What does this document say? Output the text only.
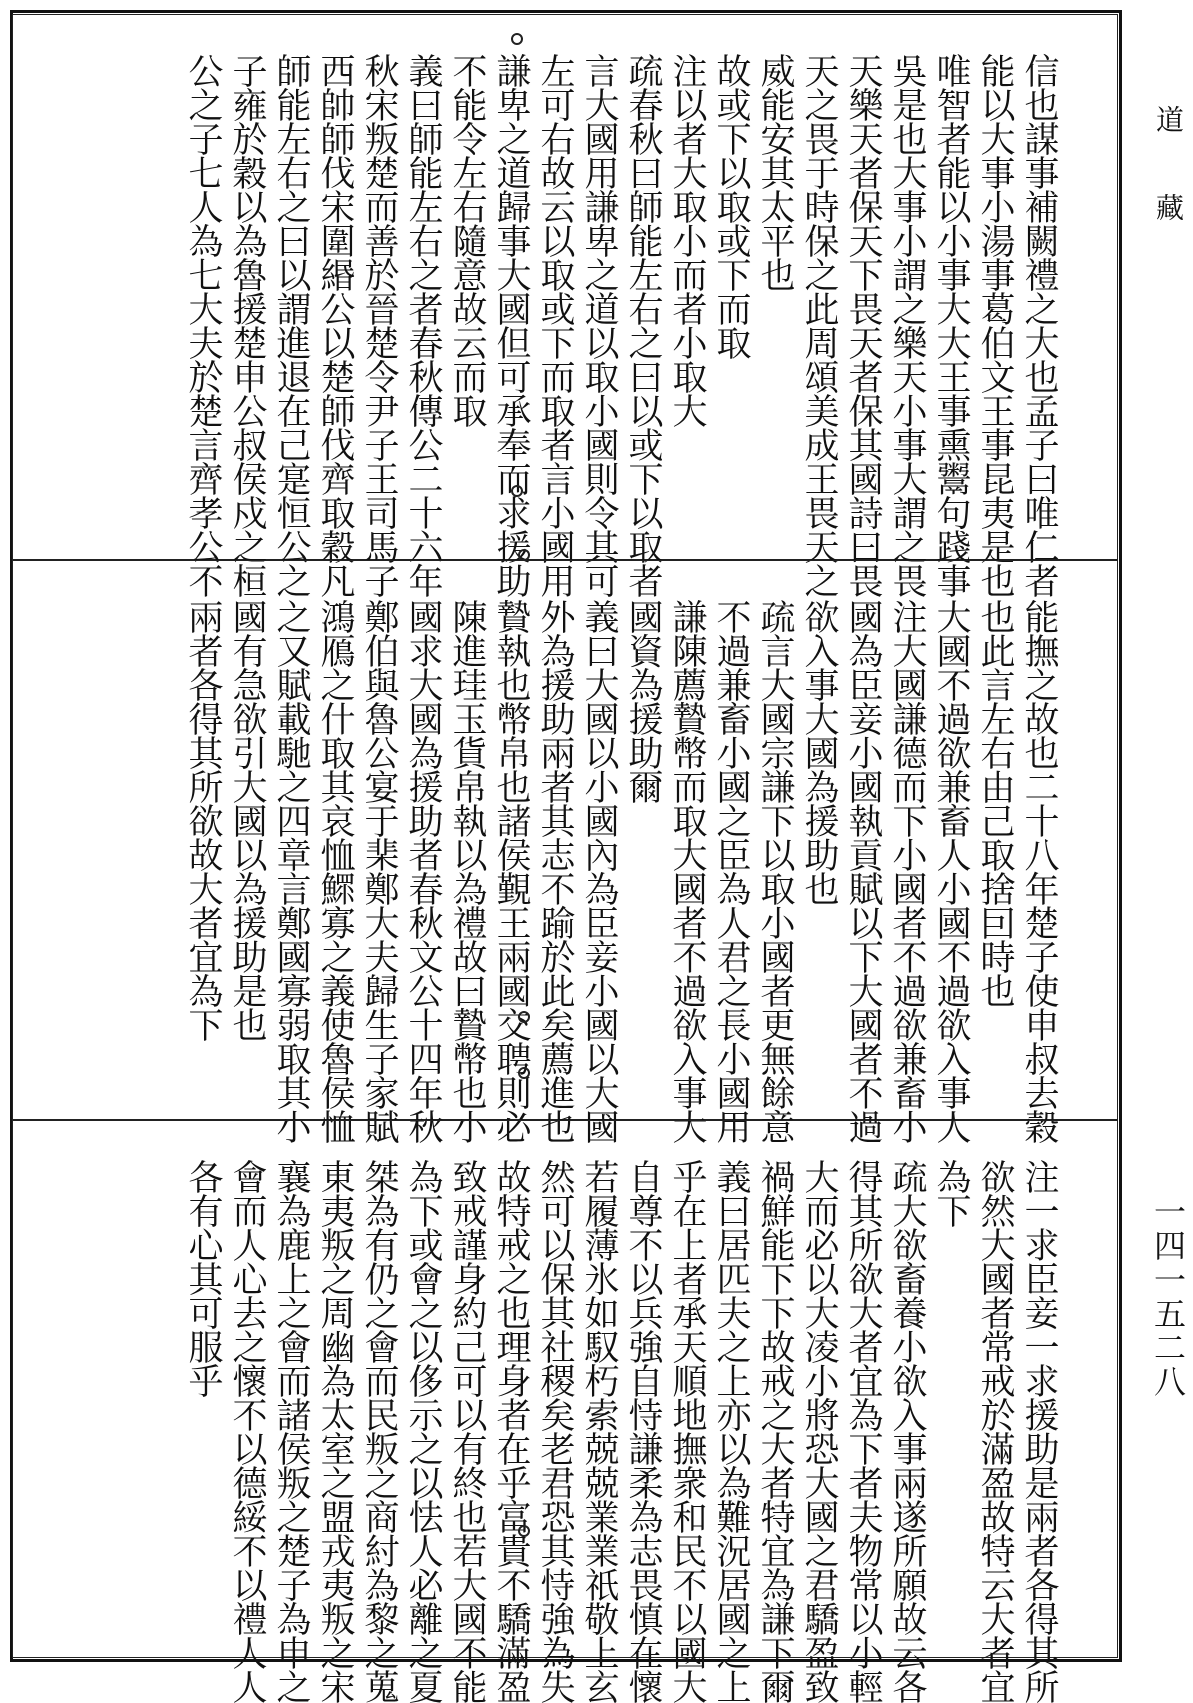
信也謀事補闕禮之大也孟子曰唯仁者
能以大事小湯事葛伯文王事昆夷是也
唯智者能以小事大大王事熏鬻句踐事
吳是也大事小謂之樂天小事大謂之畏
天樂天者保天下畏天者保其國詩曰畏
天之畏于時保之此周頌美成王畏天之
威能安其太平也
故或下以取或下而取
注以者大取小而者小取大
疏春秋曰師能左右之曰以或下以取者
言大國用謙卑之道以取小國則令其可
左可右故云以取或下而取者言小國用
謙卑之道歸事大國但可承奉而求援助
不能令左右隨意故云而取
義曰師能左右之者春秋傳公二十六年
秋宋叛楚而善於晉楚令尹子王司馬子
西帥師伐宋圍緡公以楚師伐齊取穀凡
師能左右之曰以謂進退在己寔恒公之
子雍於穀以為魯援楚申公叔侯戍之桓
公之子七人為七大夫於楚言齊孝公不
能撫之故也二十八年楚子使申叔去穀
也此言左右由己取捨囙時也
大國不過欲兼畜人小國不過欲入事人
注大國謙德而下小國者不過欲兼畜小
國為臣妾小國執貢賦以下大國者不過
欲入事大國為援助也
疏言大國宗謙下以取小國者更無餘意
不過兼畜小國之臣為人君之長小國用
謙陳薦贄幣而取大國者不過欲入事大
國資為援助爾
義曰大國以小國內為臣妾小國以大國
外為援助兩者其志不踰於此矣薦進也
贄執也幣帛也諸侯覲王兩國交聘則必
陳進珪玉貨帛執以為禮故曰贄幣也小
國求大國為援助者春秋文公十四年秋
鄭伯與魯公宴于棐鄭大夫歸生子家賦
鴻鴈之什取其哀恤鰥寡之義使魯侯恤
之又賦載馳之四章言鄭國寡弱取其小
國有急欲引大國以為援助是也
兩者各得其所欲故大者宜為下
注一求臣妾一求援助是兩者各得其所
欲然大國者常戒於滿盈故特云大者宜
為下
疏大欲畜養小欲入事兩遂所願故云各
得其所欲大者宜為下者夫物常以小輕
大而必以大凌小將恐大國之君驕盈致
禍鮮能下下故戒之大者特宜為謙下爾
義曰居匹夫之上亦以為難況居國之上
乎在上者承天順地撫衆和民不以國大
自尊不以兵強自恃謙柔為志畏慎在懷
若履薄氷如馭朽索兢兢業業祇敬上玄
然可以保其社稷矣老君恐其恃強為失
故特戒之也理身者在乎富貴不驕滿盈
致戒謹身約己可以有終也若大國不能
為下或會之以侈示之以怯人必離之夏
桀為有仍之會而民叛之商紂為黎之蒐
東夷叛之周幽為太室之盟戎夷叛之宋
襄為鹿上之會而諸侯叛之楚子為申之
會而人心去之懷不以德綏不以禮人人
各有心其可服乎
道藏
一四一五二八
